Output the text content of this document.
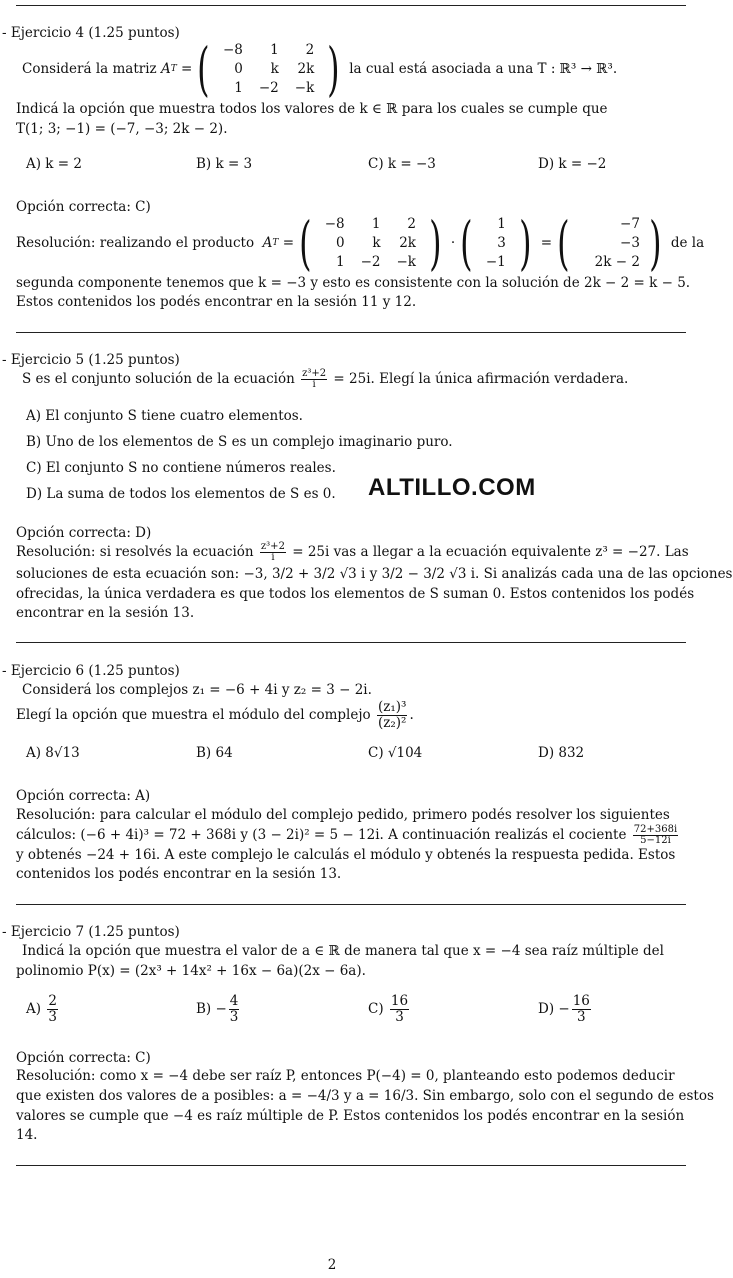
- Ejercicio 4 (1.25 puntos)
Considerá la matriz
A T = ( −8	1	2
0	k	2k
1	−2	−k )
la cual está asociada a una
T : ℝ³ → ℝ³.
Indicá la opción que muestra todos los valores de k ∈ ℝ para los cuales se cumple que
T(1; 3; −1) = (−7, −3; 2k − 2).
A) k = 2	B) k = 3	C) k = −3	D) k = −2
Opción correcta: C)
Resolución: realizando el producto
A T = ( −8	1	2
0	k	2k
1	−2	−k ) · ( 1
3
−1 ) = (	−7
−3
2k − 2 )
de la
segunda componente tenemos que k = −3 y esto es consistente con la solución de 2k − 2 = k − 5.
Estos contenidos los podés encontrar en la sesión 11 y 12.
- Ejercicio 5 (1.25 puntos)
S es el conjunto solución de la ecuación $\frac{\text{z³+2}}{i} = 25i$. Elegí la única afirmación verdadera.
A) El conjunto S tiene cuatro elementos.
B) Uno de los elementos de S es un complejo imaginario puro.
C) El conjunto S no contiene números reales.
D) La suma de todos los elementos de S es 0. ALTILLO.COM
Opción correcta: D)
Resolución: si resolvés la ecuación $\frac{\text{z³+2}}{i} = 25i$ vas a llegar a la ecuación equivalente z³ = −27. Las
soluciones de esta ecuación son: −3, 3/2 + 3/2 √3 i y 3/2 − 3/2 √3 i. Si analizás cada una de las opciones
ofrecidas, la única verdadera es que todos los elementos de S suman 0. Estos contenidos los podés
encontrar en la sesión 13.
- Ejercicio 6 (1.25 puntos)
Considerá los complejos z₁ = −6 + 4i y z₂ = 3 − 2i.
Elegí la opción que muestra el módulo del complejo $\frac{\text{(z₁)³}}{\text{(z₂)²}}$ .
A) 8√13	B) 64	C) √104	D) 832
Opción correcta: A)
Resolución: para calcular el módulo del complejo pedido, primero podés resolver los siguientes
cálculos: (−6 + 4i)³ = 72 + 368i y (3 − 2i)² = 5 − 12i. A continuación realizás el cociente $\frac{72+368i}{5-12i}$
y obtenés −24 + 16i. A este complejo le calculás el módulo y obtenés la respuesta pedida. Estos
contenidos los podés encontrar en la sesión 13.
- Ejercicio 7 (1.25 puntos)
Indicá la opción que muestra el valor de a ∈ ℝ de manera tal que x = −4 sea raíz múltiple del
polinomio P(x) = (2x³ + 14x² + 16x − 6a)(2x − 6a).
$A) \frac{2}{3}$	$B) - \frac{4}{3}$	$C) \frac{16}{3}$	$D) - \frac{16}{3}$
Opción correcta: C)
Resolución: como x = −4 debe ser raíz P, entonces P(−4) = 0, planteando esto podemos deducir
que existen dos valores de a posibles: a = −4/3 y a = 16/3. Sin embargo, solo con el segundo de estos
valores se cumple que −4 es raíz múltiple de P. Estos contenidos los podés encontrar en la sesión
14.
2
